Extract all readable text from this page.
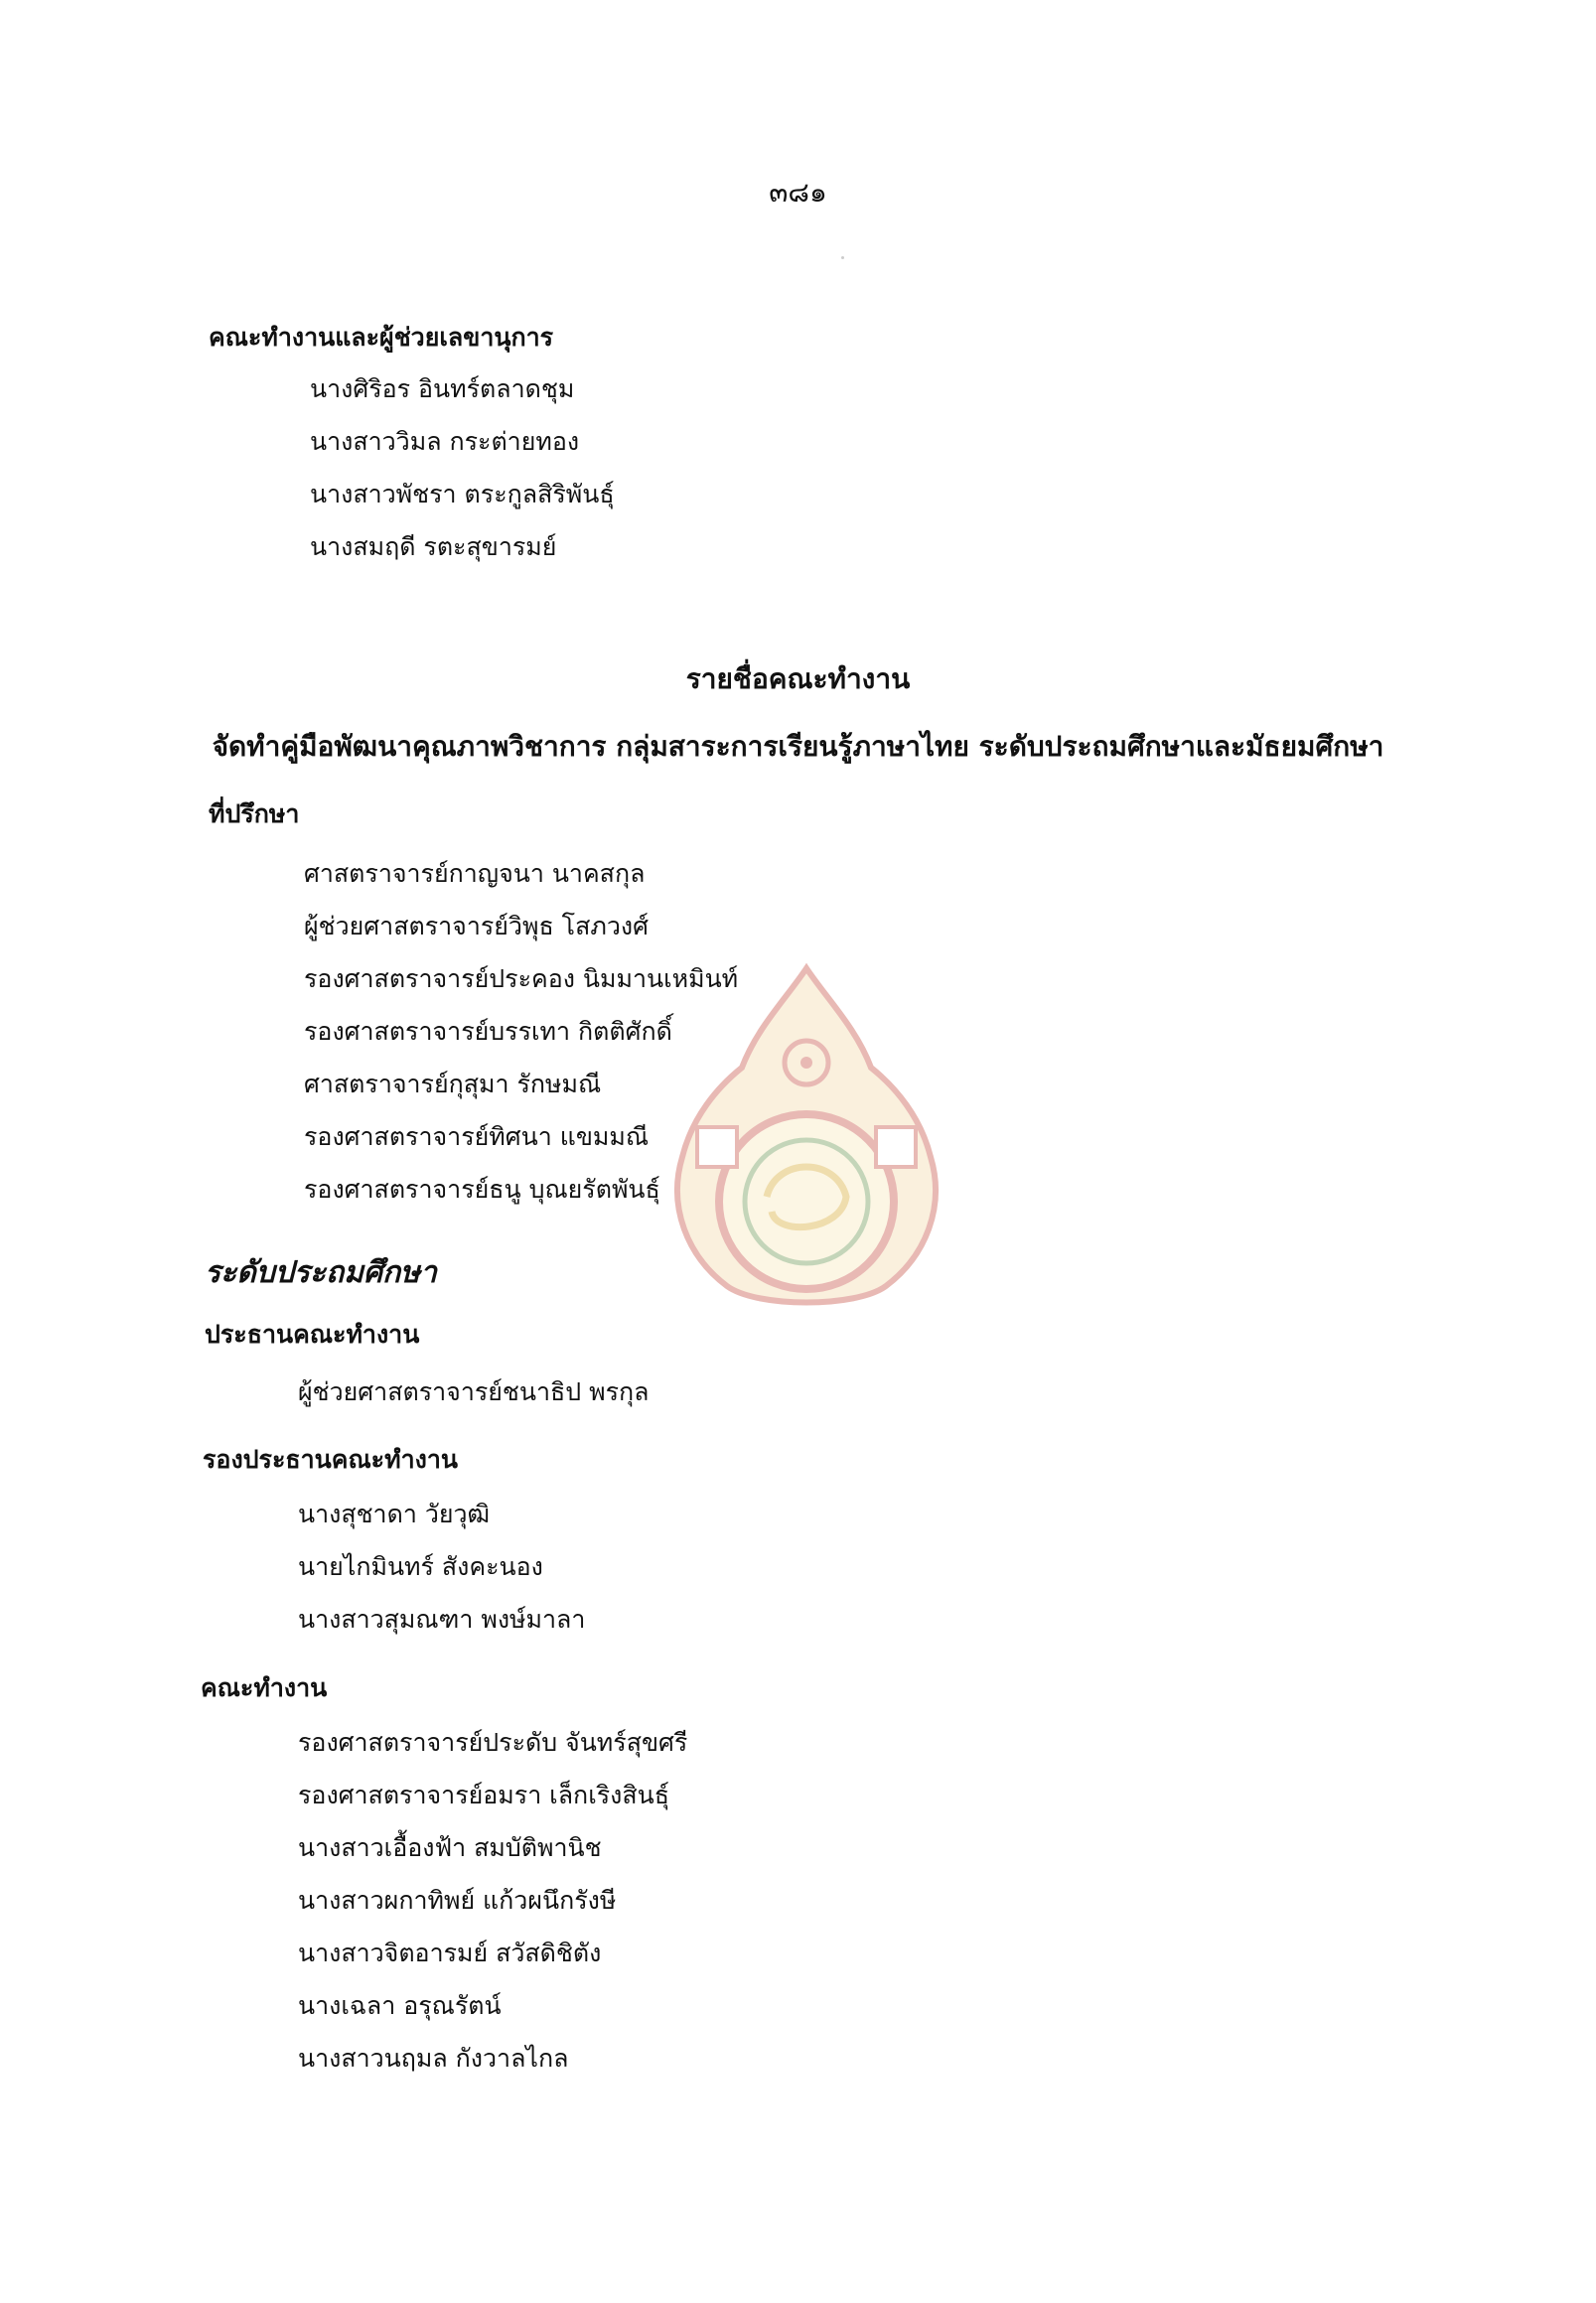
๓๘๑
คณะทำงานและผู้ช่วยเลขานุการ
นางศิริอร อินทร์ตลาดชุม
นางสาววิมล กระต่ายทอง
นางสาวพัชรา ตระกูลสิริพันธุ์
นางสมฤดี รตะสุขารมย์
รายชื่อคณะทำงาน
จัดทำคู่มือพัฒนาคุณภาพวิชาการ กลุ่มสาระการเรียนรู้ภาษาไทย ระดับประถมศึกษาและมัธยมศึกษา
ที่ปรึกษา
ศาสตราจารย์กาญจนา นาคสกุล
ผู้ช่วยศาสตราจารย์วิพุธ โสภวงศ์
รองศาสตราจารย์ประคอง นิมมานเหมินท์
รองศาสตราจารย์บรรเทา กิตติศักดิ์
ศาสตราจารย์กุสุมา รักษมณี
รองศาสตราจารย์ทิศนา แขมมณี
รองศาสตราจารย์ธนู บุณยรัตพันธุ์
ระดับประถมศึกษา
ประธานคณะทำงาน
ผู้ช่วยศาสตราจารย์ชนาธิป พรกุล
รองประธานคณะทำงาน
นางสุชาดา วัยวุฒิ
นายไกมินทร์ สังคะนอง
นางสาวสุมณฑา พงษ์มาลา
คณะทำงาน
รองศาสตราจารย์ประดับ จันทร์สุขศรี
รองศาสตราจารย์อมรา เล็กเริงสินธุ์
นางสาวเอื้องฟ้า สมบัติพานิช
นางสาวผกาทิพย์ แก้วผนึกรังษี
นางสาวจิตอารมย์ สวัสดิชิตัง
นางเฉลา อรุณรัตน์
นางสาวนฤมล กังวาลไกล
